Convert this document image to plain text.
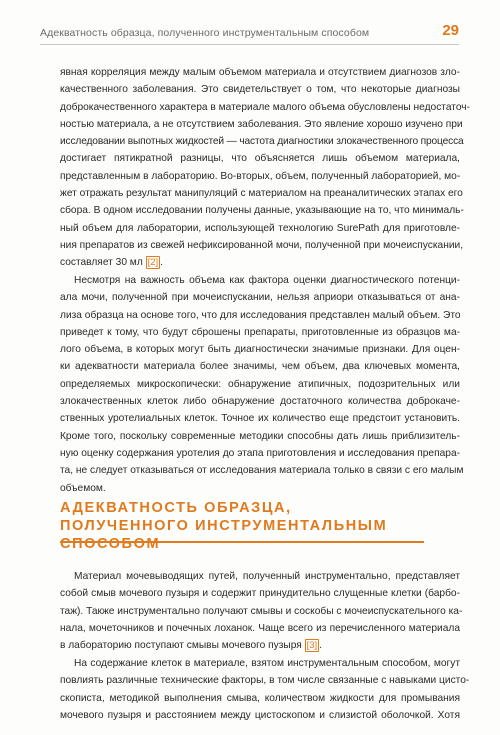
Адекватность образца, полученного инструментальным способом	29
явная корреляция между малым объемом материала и отсутствием диагнозов зло-
качественного заболевания. Это свидетельствует о том, что некоторые диагнозы
доброкачественного характера в материале малого объема обусловлены недостаточ-
ностью материала, а не отсутствием заболевания. Это явление хорошо изучено при
исследовании выпотных жидкостей — частота диагностики злокачественного процесса
достигает пятикратной разницы, что объясняется лишь объемом материала,
представленным в лабораторию. Во-вторых, объем, полученный лабораторией, мо-
жет отражать результат манипуляций с материалом на преаналитических этапах его
сбора. В одном исследовании получены данные, указывающие на то, что минималь-
ный объем для лаборатории, использующей технологию SurePath для приготовле-
ния препаратов из свежей нефиксированной мочи, полученной при мочеиспускании,
составляет 30 мл [2] .
Несмотря на важность объема как фактора оценки диагностического потенци-
ала мочи, полученной при мочеиспускании, нельзя априори отказываться от ана-
лиза образца на основе того, что для исследования представлен малый объем. Это
приведет к тому, что будут сброшены препараты, приготовленные из образцов ма-
лого объема, в которых могут быть диагностически значимые признаки. Для оцен-
ки адекватности материала более значимы, чем объем, два ключевых момента,
определяемых микроскопически: обнаружение атипичных, подозрительных или
злокачественных клеток либо обнаружение достаточного количества доброкаче-
ственных уротелиальных клеток. Точное их количество еще предстоит установить.
Кроме того, поскольку современные методики способны дать лишь приблизитель-
ную оценку содержания уротелия до этапа приготовления и исследования препара-
та, не следует отказываться от исследования материала только в связи с его малым
объемом.
АДЕКВАТНОСТЬ ОБРАЗЦА,
ПОЛУЧЕННОГО ИНСТРУМЕНТАЛЬНЫМ СПОСОБОМ
Материал мочевыводящих путей, полученный инструментально, представляет
собой смыв мочевого пузыря и содержит принудительно слущенные клетки (барбо-
таж). Также инструментально получают смывы и соскобы с мочеиспускательного ка-
нала, мочеточников и почечных лоханок. Чаще всего из перечисленного материала
в лабораторию поступают смывы мочевого пузыря [3] .
На содержание клеток в материале, взятом инструментальным способом, могут
повлиять различные технические факторы, в том числе связанные с навыками цисто-
скописта, методикой выполнения смыва, количеством жидкости для промывания
мочевого пузыря и расстоянием между цистоскопом и слизистой оболочкой. Хотя
